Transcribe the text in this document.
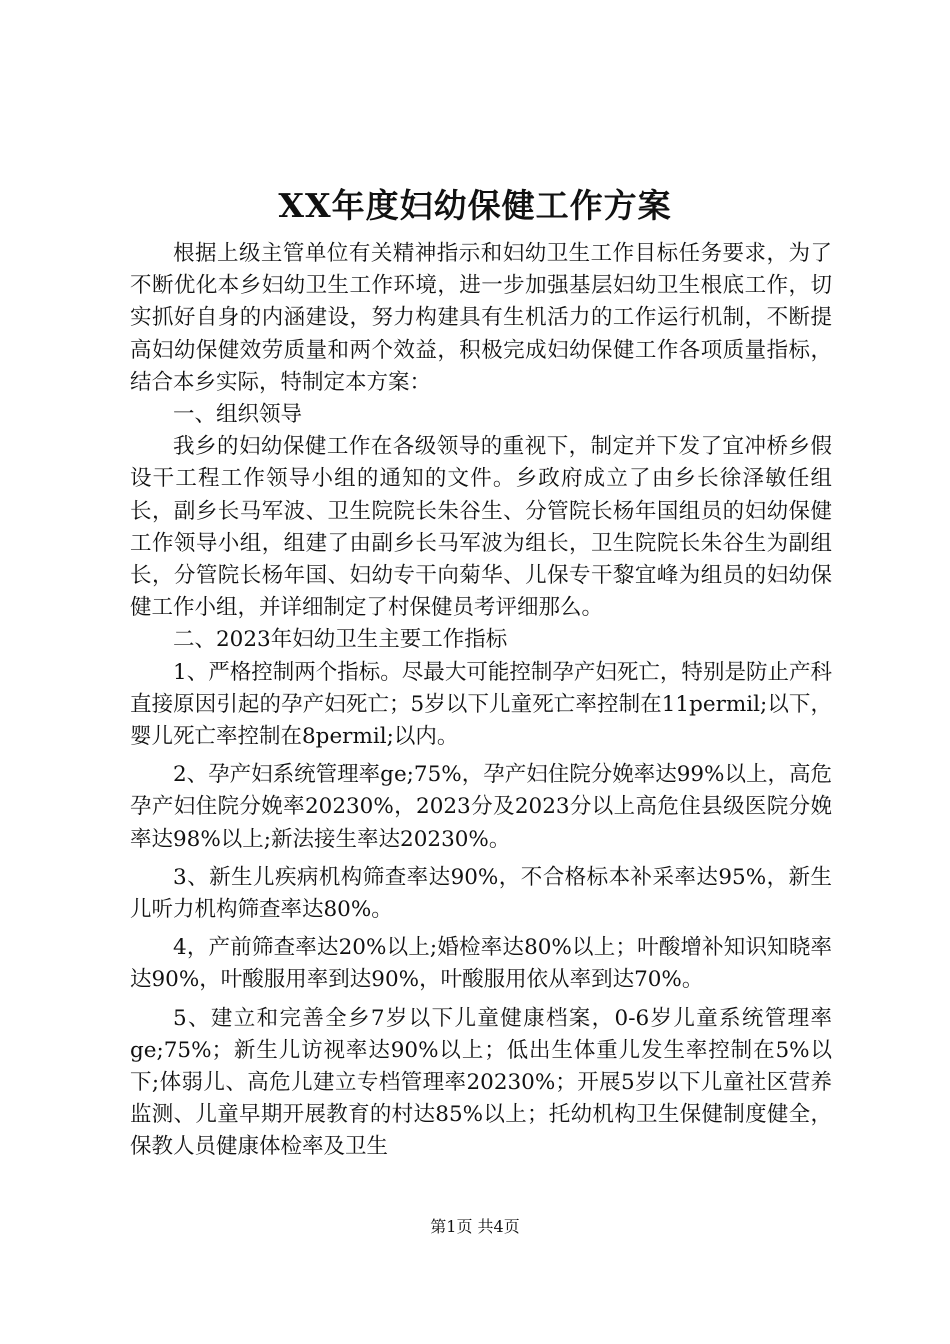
XX年度妇幼保健工作方案

根据上级主管单位有关精神指示和妇幼卫生工作目标任务要求，为了不断优化本乡妇幼卫生工作环境，进一步加强基层妇幼卫生根底工作，切实抓好自身的内涵建设，努力构建具有生机活力的工作运行机制，不断提高妇幼保健效劳质量和两个效益，积极完成妇幼保健工作各项质量指标，结合本乡实际，特制定本方案：

一、组织领导

我乡的妇幼保健工作在各级领导的重视下，制定并下发了宜冲桥乡假设干工程工作领导小组的通知的文件。乡政府成立了由乡长徐泽敏任组长，副乡长马军波、卫生院院长朱谷生、分管院长杨年国组员的妇幼保健工作领导小组，组建了由副乡长马军波为组长，卫生院院长朱谷生为副组长，分管院长杨年国、妇幼专干向菊华、儿保专干黎宜峰为组员的妇幼保健工作小组，并详细制定了村保健员考评细那么。

二、2023年妇幼卫生主要工作指标

1、严格控制两个指标。尽最大可能控制孕产妇死亡，特别是防止产科直接原因引起的孕产妇死亡；5岁以下儿童死亡率控制在11permil;以下，婴儿死亡率控制在8permil;以内。

2、孕产妇系统管理率ge;75%，孕产妇住院分娩率达99%以上，高危孕产妇住院分娩率20230%，2023分及2023分以上高危住县级医院分娩率达98%以上;新法接生率达20230%。

3、新生儿疾病机构筛查率达90%，不合格标本补采率达95%，新生儿听力机构筛查率达80%。

4，产前筛查率达20%以上;婚检率达80%以上；叶酸增补知识知晓率达90%，叶酸服用率到达90%，叶酸服用依从率到达70%。

5、建立和完善全乡7岁以下儿童健康档案，0-6岁儿童系统管理率ge;75%；新生儿访视率达90%以上；低出生体重儿发生率控制在5%以下;体弱儿、高危儿建立专档管理率20230%；开展5岁以下儿童社区营养监测、儿童早期开展教育的村达85%以上；托幼机构卫生保健制度健全，保教人员健康体检率及卫生

第1页 共4页
